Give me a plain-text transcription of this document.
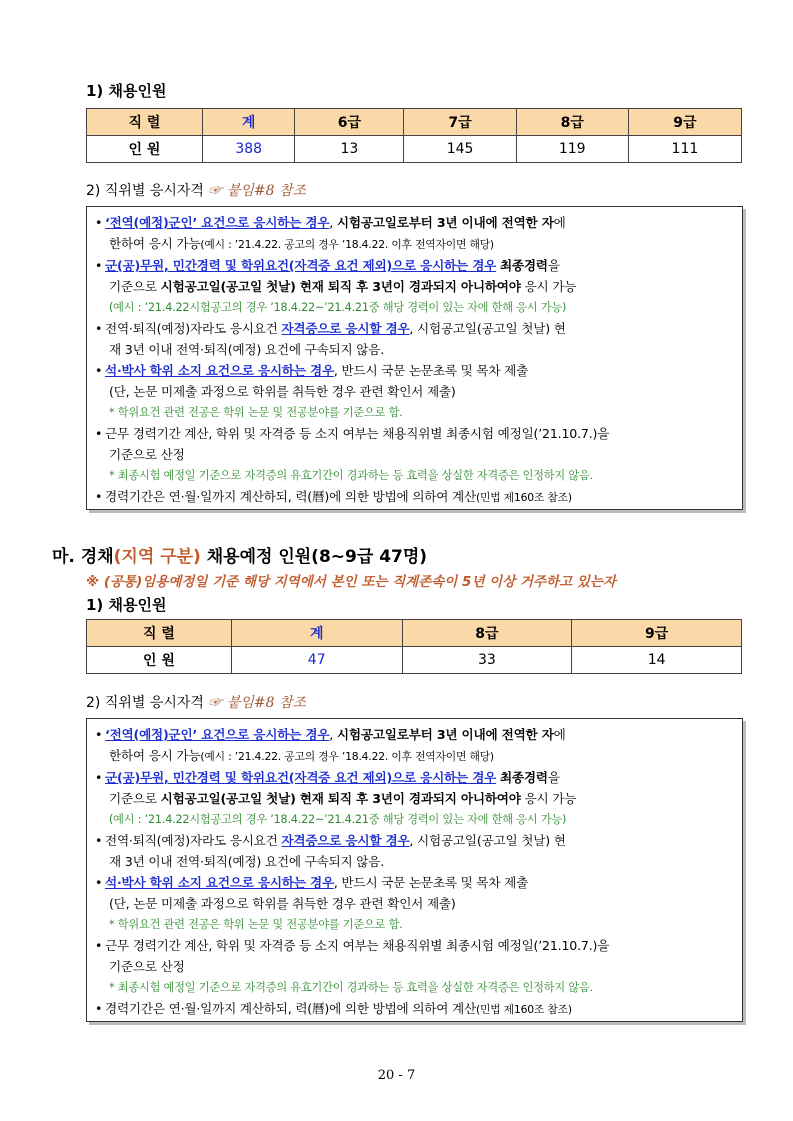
1) 채용인원
직 렬	계	6급	7급	8급	9급
인 원	388	13	145	119	111
2) 직위별 응시자격 ☞ 붙임#8 참조
• ‘전역(예정)군인’ 요건으로 응시하는 경우, 시험공고일로부터 3년 이내에 전역한 자에
한하여 응시 가능(예시 : ’21.4.22. 공고의 경우 ’18.4.22. 이후 전역자이면 해당)
• 군(공)무원, 민간경력 및 학위요건(자격증 요건 제외)으로 응시하는 경우 최종경력을
기준으로 시험공고일(공고일 첫날) 현재 퇴직 후 3년이 경과되지 아니하여야 응시 가능
(예시 : ’21.4.22시험공고의 경우 ’18.4.22~’21.4.21중 해당 경력이 있는 자에 한해 응시 가능)
• 전역·퇴직(예정)자라도 응시요건 자격증으로 응시할 경우, 시험공고일(공고일 첫날) 현
재 3년 이내 전역·퇴직(예정) 요건에 구속되지 않음.
• 석·박사 학위 소지 요건으로 응시하는 경우, 반드시 국문 논문초록 및 목차 제출
(단, 논문 미제출 과정으로 학위를 취득한 경우 관련 확인서 제출)
* 학위요건 관련 전공은 학위 논문 및 전공분야를 기준으로 함.
• 근무 경력기간 계산, 학위 및 자격증 등 소지 여부는 채용직위별 최종시험 예정일(’21.10.7.)을
기준으로 산정
* 최종시험 예정일 기준으로 자격증의 유효기간이 경과하는 등 효력을 상실한 자격증은 인정하지 않음.
• 경력기간은 연·월·일까지 계산하되, 력(曆)에 의한 방법에 의하여 계산(민법 제160조 참조)
마. 경채(지역 구분) 채용예정 인원(8~9급 47명)
※ (공통)임용예정일 기준 해당 지역에서 본인 또는 직계존속이 5년 이상 거주하고 있는자
1) 채용인원
직 렬	계	8급	9급
인 원	47	33	14
2) 직위별 응시자격 ☞ 붙임#8 참조
• ‘전역(예정)군인’ 요건으로 응시하는 경우, 시험공고일로부터 3년 이내에 전역한 자에
한하여 응시 가능(예시 : ’21.4.22. 공고의 경우 ’18.4.22. 이후 전역자이면 해당)
• 군(공)무원, 민간경력 및 학위요건(자격증 요건 제외)으로 응시하는 경우 최종경력을
기준으로 시험공고일(공고일 첫날) 현재 퇴직 후 3년이 경과되지 아니하여야 응시 가능
(예시 : ’21.4.22시험공고의 경우 ’18.4.22~’21.4.21중 해당 경력이 있는 자에 한해 응시 가능)
• 전역·퇴직(예정)자라도 응시요건 자격증으로 응시할 경우, 시험공고일(공고일 첫날) 현
재 3년 이내 전역·퇴직(예정) 요건에 구속되지 않음.
• 석·박사 학위 소지 요건으로 응시하는 경우, 반드시 국문 논문초록 및 목차 제출
(단, 논문 미제출 과정으로 학위를 취득한 경우 관련 확인서 제출)
* 학위요건 관련 전공은 학위 논문 및 전공분야를 기준으로 함.
• 근무 경력기간 계산, 학위 및 자격증 등 소지 여부는 채용직위별 최종시험 예정일(’21.10.7.)을
기준으로 산정
* 최종시험 예정일 기준으로 자격증의 유효기간이 경과하는 등 효력을 상실한 자격증은 인정하지 않음.
• 경력기간은 연·월·일까지 계산하되, 력(曆)에 의한 방법에 의하여 계산(민법 제160조 참조)
20 - 7
